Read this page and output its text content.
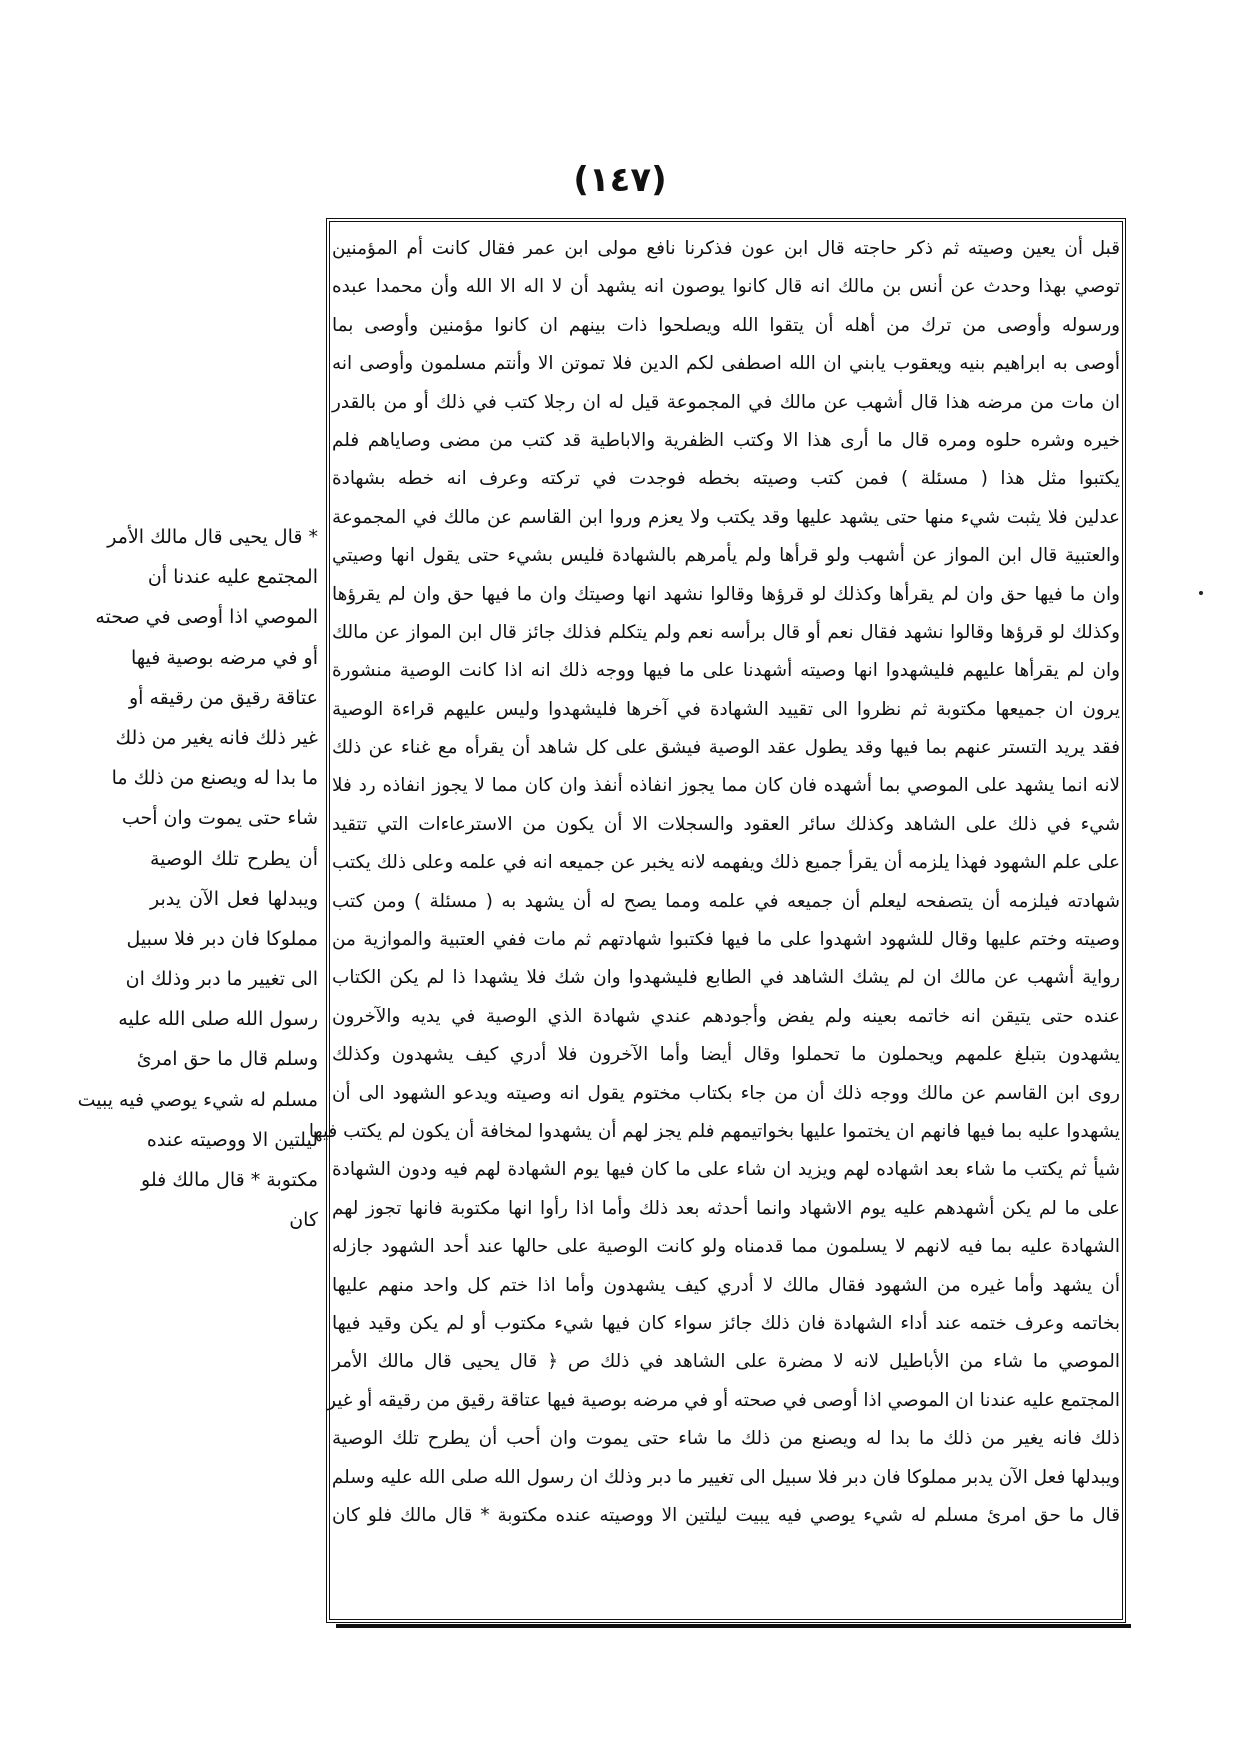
(١٤٧)
قبل أن يعين وصيته ثم ذكر حاجته قال ابن عون فذكرنا نافع مولى ابن عمر فقال كانت أم المؤمنين
توصي بهذا وحدث عن أنس بن مالك انه قال كانوا يوصون انه يشهد أن لا اله الا الله وأن محمدا عبده
ورسوله وأوصى من ترك من أهله أن يتقوا الله ويصلحوا ذات بينهم ان كانوا مؤمنين وأوصى بما
أوصى به ابراهيم بنيه ويعقوب يابني ان الله اصطفى لكم الدين فلا تموتن الا وأنتم مسلمون وأوصى انه
ان مات من مرضه هذا قال أشهب عن مالك في المجموعة قيل له ان رجلا كتب في ذلك أو من بالقدر
خيره وشره حلوه ومره قال ما أرى هذا الا وكتب الظفرية والاباطية قد كتب من مضى وصاياهم فلم
يكتبوا مثل هذا ( مسئلة ) فمن كتب وصيته بخطه فوجدت في تركته وعرف انه خطه بشهادة
عدلين فلا يثبت شيء منها حتى يشهد عليها وقد يكتب ولا يعزم وروا ابن القاسم عن مالك في المجموعة
والعتبية قال ابن المواز عن أشهب ولو قرأها ولم يأمرهم بالشهادة فليس بشيء حتى يقول انها وصيتي
وان ما فيها حق وان لم يقرأها وكذلك لو قرؤها وقالوا نشهد انها وصيتك وان ما فيها حق وان لم يقرؤها
وكذلك لو قرؤها وقالوا نشهد فقال نعم أو قال برأسه نعم ولم يتكلم فذلك جائز قال ابن المواز عن مالك
وان لم يقرأها عليهم فليشهدوا انها وصيته أشهدنا على ما فيها ووجه ذلك انه اذا كانت الوصية منشورة
يرون ان جميعها مكتوبة ثم نظروا الى تقييد الشهادة في آخرها فليشهدوا وليس عليهم قراءة الوصية
فقد يريد التستر عنهم بما فيها وقد يطول عقد الوصية فيشق على كل شاهد أن يقرأه مع غناء عن ذلك
لانه انما يشهد على الموصي بما أشهده فان كان مما يجوز انفاذه أنفذ وان كان مما لا يجوز انفاذه رد فلا
شيء في ذلك على الشاهد وكذلك سائر العقود والسجلات الا أن يكون من الاسترعاءات التي تتقيد
على علم الشهود فهذا يلزمه أن يقرأ جميع ذلك ويفهمه لانه يخبر عن جميعه انه في علمه وعلى ذلك يكتب
شهادته فيلزمه أن يتصفحه ليعلم أن جميعه في علمه ومما يصح له أن يشهد به ( مسئلة ) ومن كتب
وصيته وختم عليها وقال للشهود اشهدوا على ما فيها فكتبوا شهادتهم ثم مات ففي العتبية والموازية من
رواية أشهب عن مالك ان لم يشك الشاهد في الطابع فليشهدوا وان شك فلا يشهدا ذا لم يكن الكتاب
عنده حتى يتيقن انه خاتمه بعينه ولم يفض وأجودهم عندي شهادة الذي الوصية في يديه والآخرون
يشهدون بتبلغ علمهم ويحملون ما تحملوا وقال أيضا وأما الآخرون فلا أدري كيف يشهدون وكذلك
روى ابن القاسم عن مالك ووجه ذلك أن من جاء بكتاب مختوم يقول انه وصيته ويدعو الشهود الى أن
يشهدوا عليه بما فيها فانهم ان يختموا عليها بخواتيمهم فلم يجز لهم أن يشهدوا لمخافة أن يكون لم يكتب فيها
شيأ ثم يكتب ما شاء بعد اشهاده لهم ويزيد ان شاء على ما كان فيها يوم الشهادة لهم فيه ودون الشهادة
على ما لم يكن أشهدهم عليه يوم الاشهاد وانما أحدثه بعد ذلك وأما اذا رأوا انها مكتوبة فانها تجوز لهم
الشهادة عليه بما فيه لانهم لا يسلمون مما قدمناه ولو كانت الوصية على حالها عند أحد الشهود جازله
أن يشهد وأما غيره من الشهود فقال مالك لا أدري كيف يشهدون وأما اذا ختم كل واحد منهم عليها
بخاتمه وعرف ختمه عند أداء الشهادة فان ذلك جائز سواء كان فيها شيء مكتوب أو لم يكن وقيد فيها
الموصي ما شاء من الأباطيل لانه لا مضرة على الشاهد في ذلك ص ﴿ قال يحيى قال مالك الأمر
المجتمع عليه عندنا ان الموصي اذا أوصى في صحته أو في مرضه بوصية فيها عتاقة رقيق من رقيقه أو غير
ذلك فانه يغير من ذلك ما بدا له ويصنع من ذلك ما شاء حتى يموت وان أحب أن يطرح تلك الوصية
ويبدلها فعل الآن يدبر مملوكا فان دبر فلا سبيل الى تغيير ما دبر وذلك ان رسول الله صلى الله عليه وسلم
قال ما حق امرئ مسلم له شيء يوصي فيه يبيت ليلتين الا ووصيته عنده مكتوبة * قال مالك فلو كان
* قال يحيى قال مالك الأمر
المجتمع عليه عندنا أن
الموصي اذا أوصى في صحته
أو في مرضه بوصية فيها
عتاقة رقيق من رقيقه أو
غير ذلك فانه يغير من ذلك
ما بدا له ويصنع من ذلك ما
شاء حتى يموت وان أحب
أن يطرح تلك الوصية
ويبدلها فعل الآن يدبر
مملوكا فان دبر فلا سبيل
الى تغيير ما دبر وذلك ان
رسول الله صلى الله عليه
وسلم قال ما حق امرئ
مسلم له شيء يوصي فيه يبيت
ليلتين الا ووصيته عنده
مكتوبة * قال مالك فلو
كان
